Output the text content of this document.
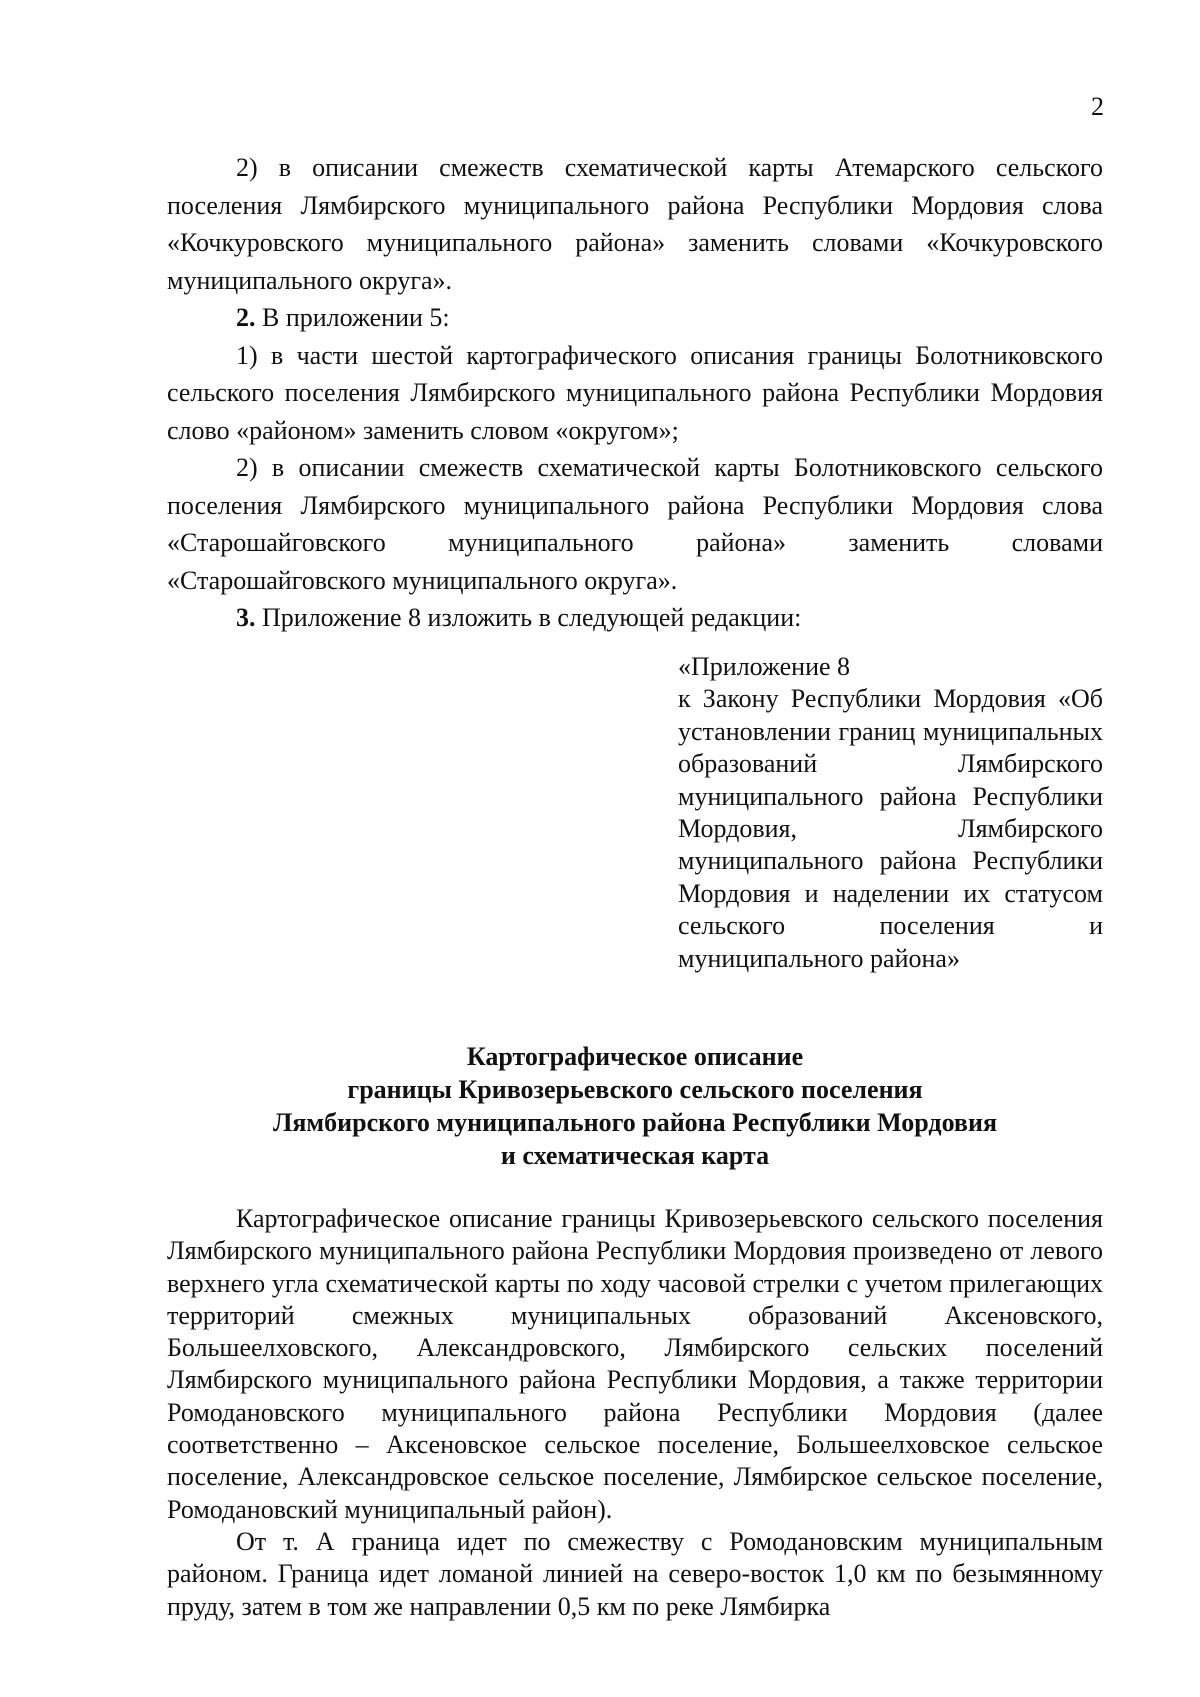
2

2) в описании смежеств схематической карты Атемарского сельского поселения Лямбирского муниципального района Республики Мордовия слова «Кочкуровского муниципального района» заменить словами «Кочкуровского муниципального округа».

2. В приложении 5:

1) в части шестой картографического описания границы Болотниковского сельского поселения Лямбирского муниципального района Республики Мордовия слово «районом» заменить словом «округом»;

2) в описании смежеств схематической карты Болотниковского сельского поселения Лямбирского муниципального района Республики Мордовия слова «Старошайговского муниципального района» заменить словами «Старошайговского муниципального округа».

3. Приложение 8 изложить в следующей редакции:

«Приложение 8

к Закону Республики Мордовия «Об установлении границ муниципальных образований Лямбирского муниципального района Республики Мордовия, Лямбирского муниципального района Республики Мордовия и наделении их статусом сельского поселения и муниципального района»

Картографическое описание
границы Кривозерьевского сельского поселения
Лямбирского муниципального района Республики Мордовия
и схематическая карта

Картографическое описание границы Кривозерьевского сельского поселения Лямбирского муниципального района Республики Мордовия произведено от левого верхнего угла схематической карты по ходу часовой стрелки с учетом прилегающих территорий смежных муниципальных образований Аксеновского, Большеелховского, Александровского, Лямбирского сельских поселений Лямбирского муниципального района Республики Мордовия, а также территории Ромодановского муниципального района Республики Мордовия (далее соответственно – Аксеновское сельское поселение, Большеелховское сельское поселение, Александровское сельское поселение, Лямбирское сельское поселение, Ромодановский муниципальный район).

От т. А граница идет по смежеству с Ромодановским муниципальным районом. Граница идет ломаной линией на северо-восток 1,0 км по безымянному пруду, затем в том же направлении 0,5 км по реке Лямбирка
